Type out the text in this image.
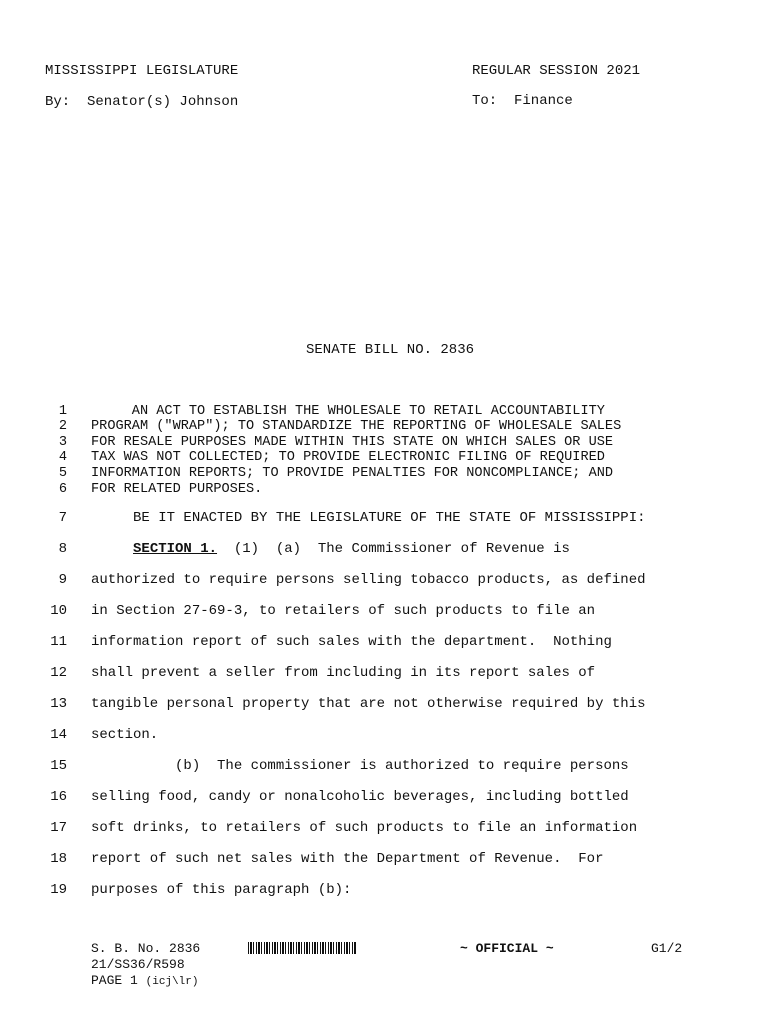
MISSISSIPPI LEGISLATURE	REGULAR SESSION 2021
By:  Senator(s) Johnson	To:  Finance
SENATE BILL NO. 2836
1 AN ACT TO ESTABLISH THE WHOLESALE TO RETAIL ACCOUNTABILITY
2 PROGRAM ("WRAP"); TO STANDARDIZE THE REPORTING OF WHOLESALE SALES
3 FOR RESALE PURPOSES MADE WITHIN THIS STATE ON WHICH SALES OR USE
4 TAX WAS NOT COLLECTED; TO PROVIDE ELECTRONIC FILING OF REQUIRED
5 INFORMATION REPORTS; TO PROVIDE PENALTIES FOR NONCOMPLIANCE; AND
6 FOR RELATED PURPOSES.
7 BE IT ENACTED BY THE LEGISLATURE OF THE STATE OF MISSISSIPPI:
8	SECTION 1.  (1)  (a)  The Commissioner of Revenue is
9 authorized to require persons selling tobacco products, as defined
10 in Section 27-69-3, to retailers of such products to file an
11 information report of such sales with the department.  Nothing
12 shall prevent a seller from including in its report sales of
13 tangible personal property that are not otherwise required by this
14 section.
15 (b)  The commissioner is authorized to require persons
16 selling food, candy or nonalcoholic beverages, including bottled
17 soft drinks, to retailers of such products to file an information
18 report of such net sales with the Department of Revenue.  For
19 purposes of this paragraph (b):
S. B. No. 2836	~ OFFICIAL ~	G1/2
21/SS36/R598
PAGE 1 (icj\lr)
